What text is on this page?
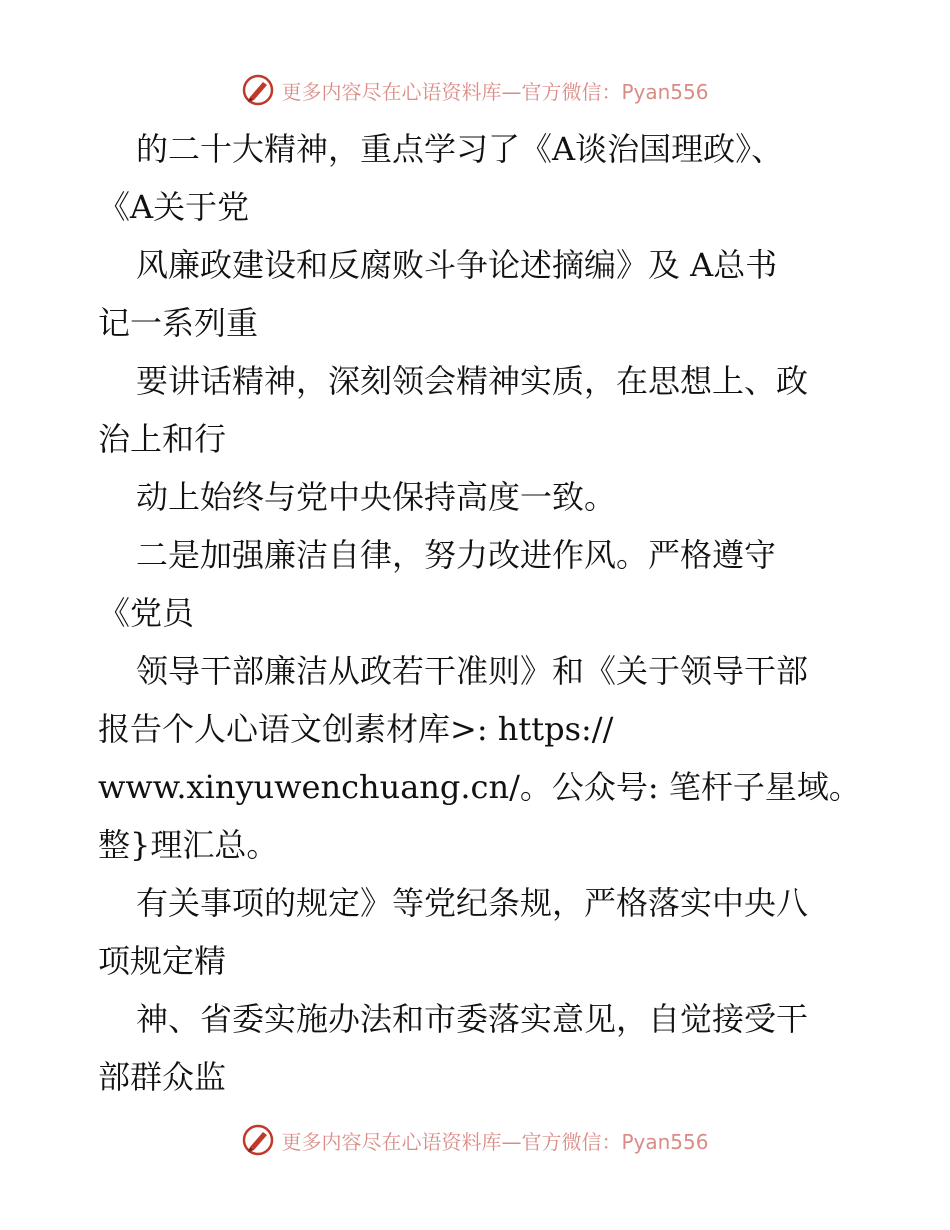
更多内容尽在心语资料库—官方微信：Pyan556
的二十大精神，重点学习了《A谈治国理政》、
《A关于党
风廉政建设和反腐败斗争论述摘编》及 A总书
记一系列重
要讲话精神，深刻领会精神实质，在思想上、政
治上和行
动上始终与党中央保持高度一致。
二是加强廉洁自律，努力改进作风。严格遵守
《党员
领导干部廉洁从政若干准则》和《关于领导干部
报告个人心语文创素材库>: https://
www.xinyuwenchuang.cn/。公众号: 笔杆子星域。
整}理汇总。
有关事项的规定》等党纪条规，严格落实中央八
项规定精
神、省委实施办法和市委落实意见，自觉接受干
部群众监
更多内容尽在心语资料库—官方微信：Pyan556
